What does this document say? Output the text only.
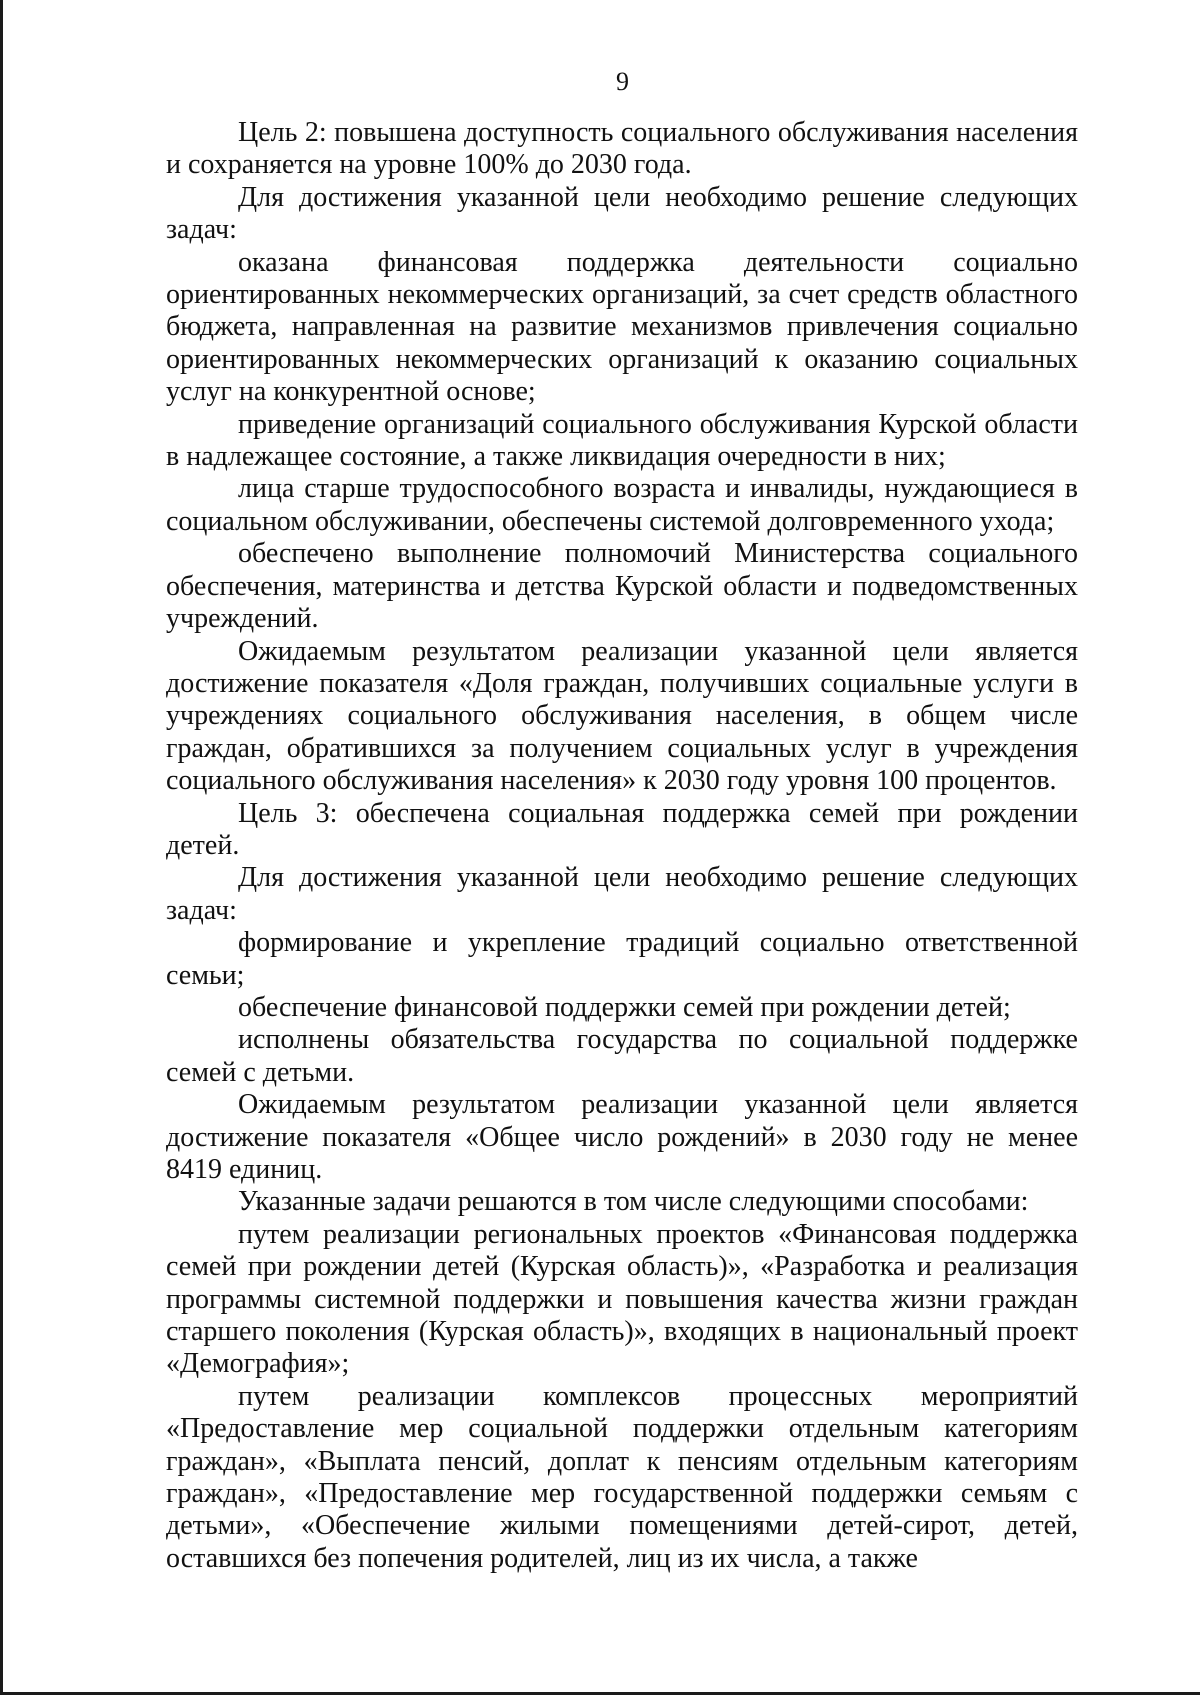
9

Цель 2: повышена доступность социального обслуживания населения и сохраняется на уровне 100% до 2030 года.

Для достижения указанной цели необходимо решение следующих задач:

оказана финансовая поддержка деятельности социально ориентированных некоммерческих организаций, за счет средств областного бюджета, направленная на развитие механизмов привлечения социально ориентированных некоммерческих организаций к оказанию социальных услуг на конкурентной основе;

приведение организаций социального обслуживания Курской области в надлежащее состояние, а также ликвидация очередности в них;

лица старше трудоспособного возраста и инвалиды, нуждающиеся в социальном обслуживании, обеспечены системой долговременного ухода;

обеспечено выполнение полномочий Министерства социального обеспечения, материнства и детства Курской области и подведомственных учреждений.

Ожидаемым результатом реализации указанной цели является достижение показателя «Доля граждан, получивших социальные услуги в учреждениях социального обслуживания населения, в общем числе граждан, обратившихся за получением социальных услуг в учреждения социального обслуживания населения» к 2030 году уровня 100 процентов.

Цель 3: обеспечена социальная поддержка семей при рождении детей.

Для достижения указанной цели необходимо решение следующих задач:

формирование и укрепление традиций социально ответственной семьи;

обеспечение финансовой поддержки семей при рождении детей;

исполнены обязательства государства по социальной поддержке семей с детьми.

Ожидаемым результатом реализации указанной цели является достижение показателя «Общее число рождений» в 2030 году не менее 8419 единиц.

Указанные задачи решаются в том числе следующими способами:

путем реализации региональных проектов «Финансовая поддержка семей при рождении детей (Курская область)», «Разработка и реализация программы системной поддержки и повышения качества жизни граждан старшего поколения (Курская область)», входящих в национальный проект «Демография»;

путем реализации комплексов процессных мероприятий «Предоставление мер социальной поддержки отдельным категориям граждан», «Выплата пенсий, доплат к пенсиям отдельным категориям граждан», «Предоставление мер государственной поддержки семьям с детьми», «Обеспечение жилыми помещениями детей-сирот, детей, оставшихся без попечения родителей, лиц из их числа, а также
